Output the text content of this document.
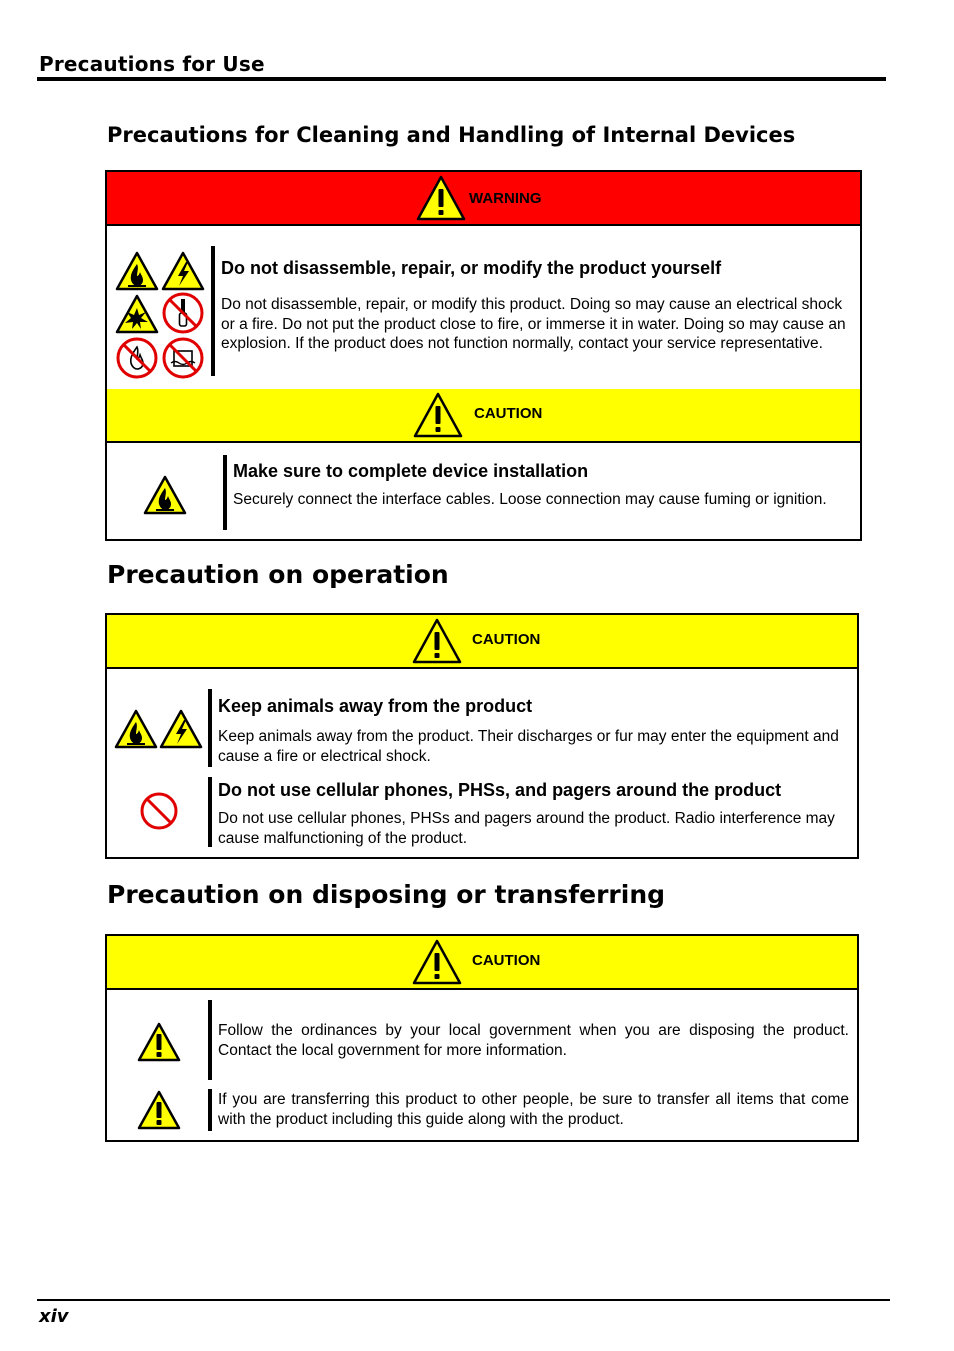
Precautions for Use
Precautions for Cleaning and Handling of Internal Devices
WARNING
Do not disassemble, repair, or modify the product yourself
Do not disassemble, repair, or modify this product. Doing so may cause an electrical shock or a fire. Do not put the product close to fire, or immerse it in water. Doing so may cause an explosion. If the product does not function normally, contact your service representative.
CAUTION
Make sure to complete device installation
Securely connect the interface cables. Loose connection may cause fuming or ignition.
Precaution on operation
CAUTION
Keep animals away from the product
Keep animals away from the product. Their discharges or fur may enter the equipment and cause a fire or electrical shock.
Do not use cellular phones, PHSs, and pagers around the product
Do not use cellular phones, PHSs and pagers around the product. Radio interference may cause malfunctioning of the product.
Precaution on disposing or transferring
CAUTION
Follow the ordinances by your local government when you are disposing the product. Contact the local government for more information.
If you are transferring this product to other people, be sure to transfer all items that come with the product including this guide along with the product.
xiv
